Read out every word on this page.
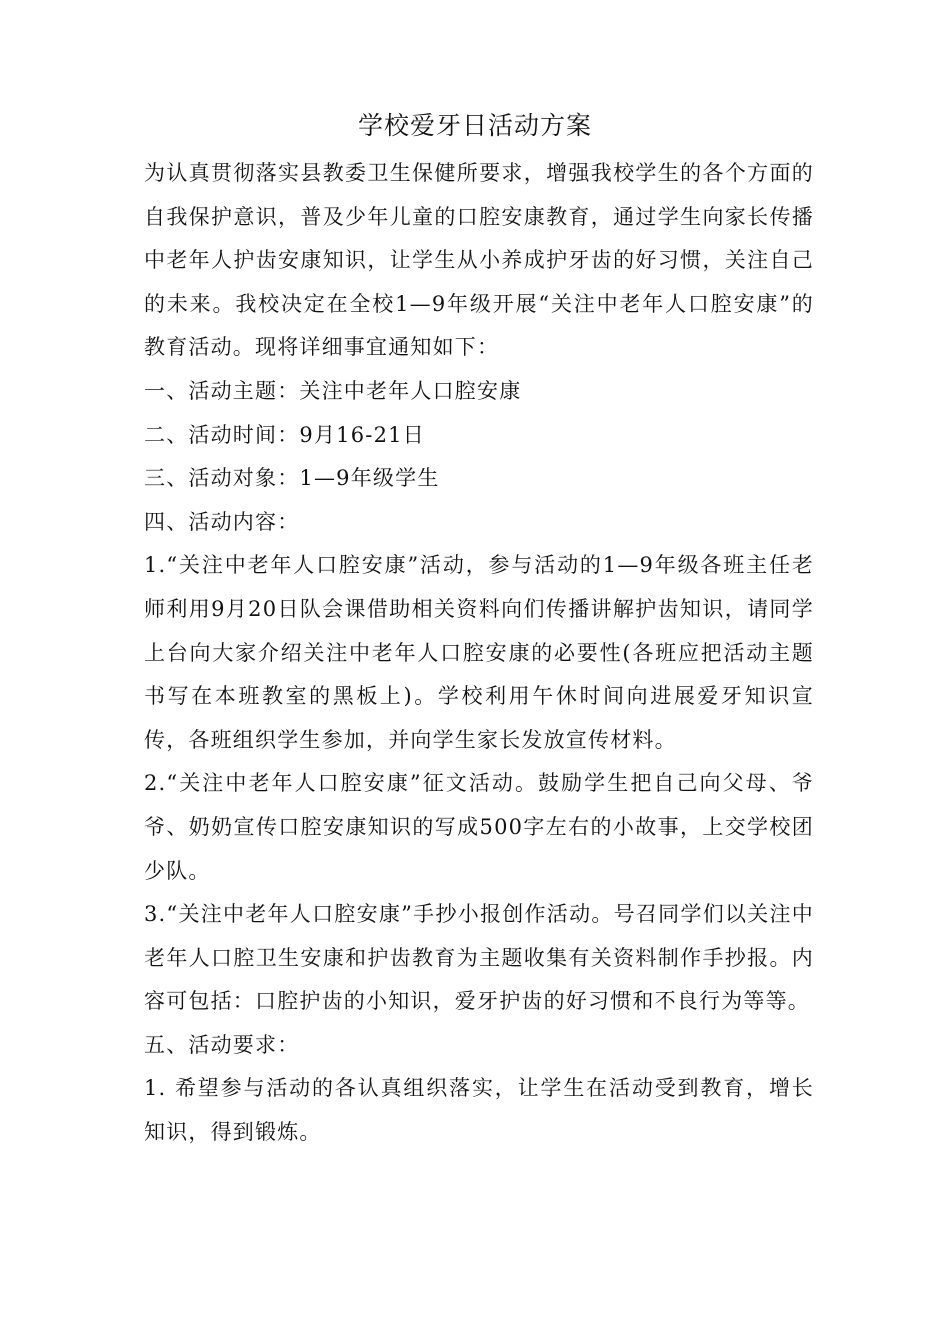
学校爱牙日活动方案

为认真贯彻落实县教委卫生保健所要求，增强我校学生的各个方面的自我保护意识，普及少年儿童的口腔安康教育，通过学生向家长传播中老年人护齿安康知识，让学生从小养成护牙齿的好习惯，关注自己的未来。我校决定在全校1—9年级开展“关注中老年人口腔安康”的教育活动。现将详细事宜通知如下：

一、活动主题：关注中老年人口腔安康

二、活动时间：9月16-21日

三、活动对象：1—9年级学生

四、活动内容：

1.“关注中老年人口腔安康”活动，参与活动的1—9年级各班主任老师利用9月20日队会课借助相关资料向们传播讲解护齿知识，请同学上台向大家介绍关注中老年人口腔安康的必要性(各班应把活动主题书写在本班教室的黑板上)。学校利用午休时间向进展爱牙知识宣传，各班组织学生参加，并向学生家长发放宣传材料。

2.“关注中老年人口腔安康”征文活动。鼓励学生把自己向父母、爷爷、奶奶宣传口腔安康知识的写成500字左右的小故事，上交学校团少队。

3.“关注中老年人口腔安康”手抄小报创作活动。号召同学们以关注中老年人口腔卫生安康和护齿教育为主题收集有关资料制作手抄报。内容可包括：口腔护齿的小知识，爱牙护齿的好习惯和不良行为等等。

五、活动要求：

1. 希望参与活动的各认真组织落实，让学生在活动受到教育，增长知识，得到锻炼。
